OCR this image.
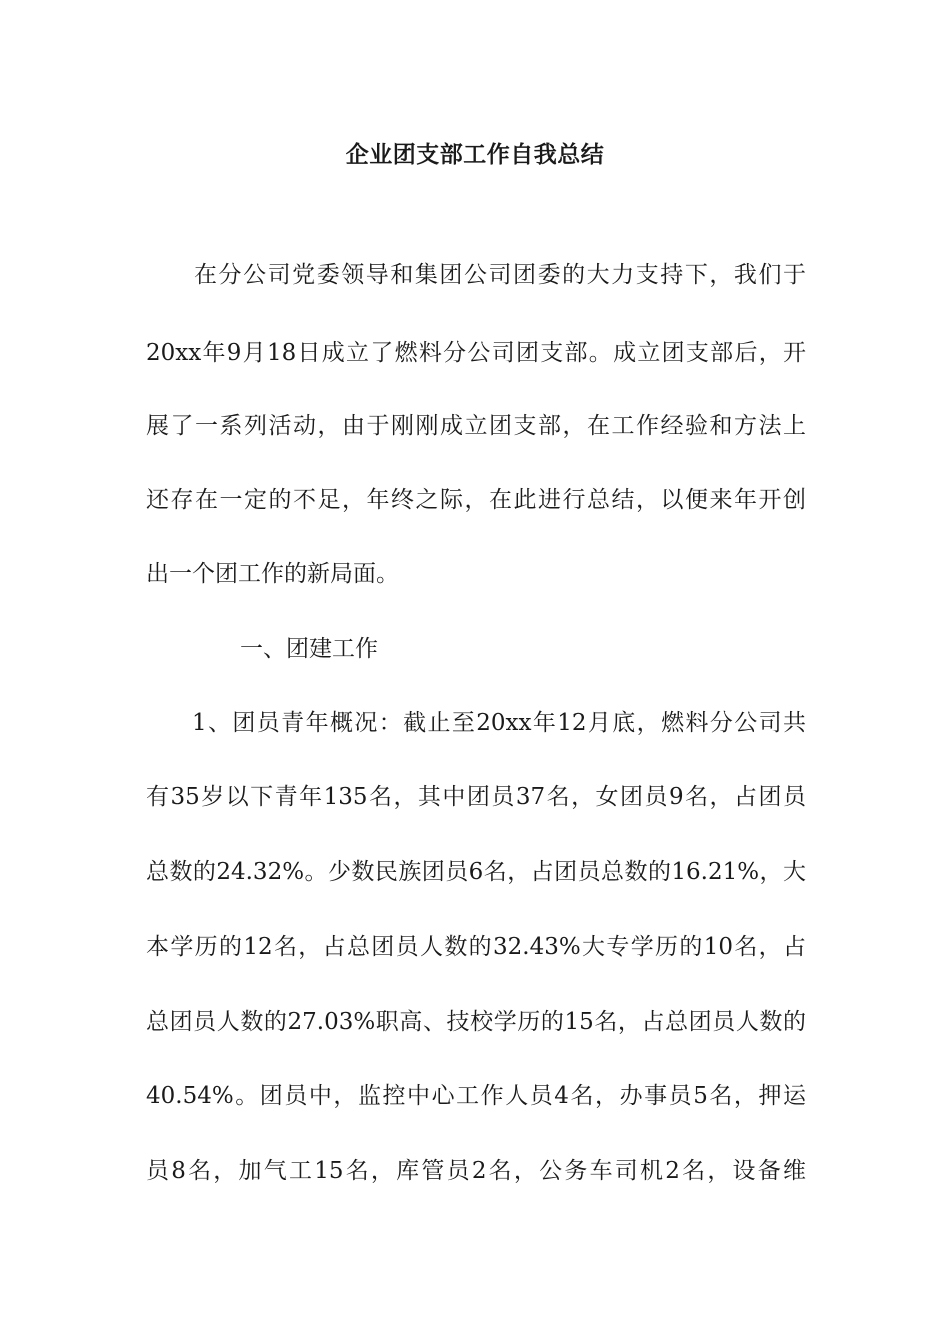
企业团支部工作自我总结
在分公司党委领导和集团公司团委的大力支持下，我们于
20xx年9月18日成立了燃料分公司团支部。成立团支部后，开
展了一系列活动，由于刚刚成立团支部，在工作经验和方法上
还存在一定的不足，年终之际，在此进行总结，以便来年开创
出一个团工作的新局面。
一、团建工作
1、团员青年概况：截止至20xx年12月底，燃料分公司共
有35岁以下青年135名，其中团员37名，女团员9名，占团员
总数的24.32%。少数民族团员6名，占团员总数的16.21%，大
本学历的12名，占总团员人数的32.43%大专学历的10名，占
总团员人数的27.03%职高、技校学历的15名，占总团员人数的
40.54%。团员中，监控中心工作人员4名，办事员5名，押运
员8名，加气工15名，库管员2名，公务车司机2名，设备维
